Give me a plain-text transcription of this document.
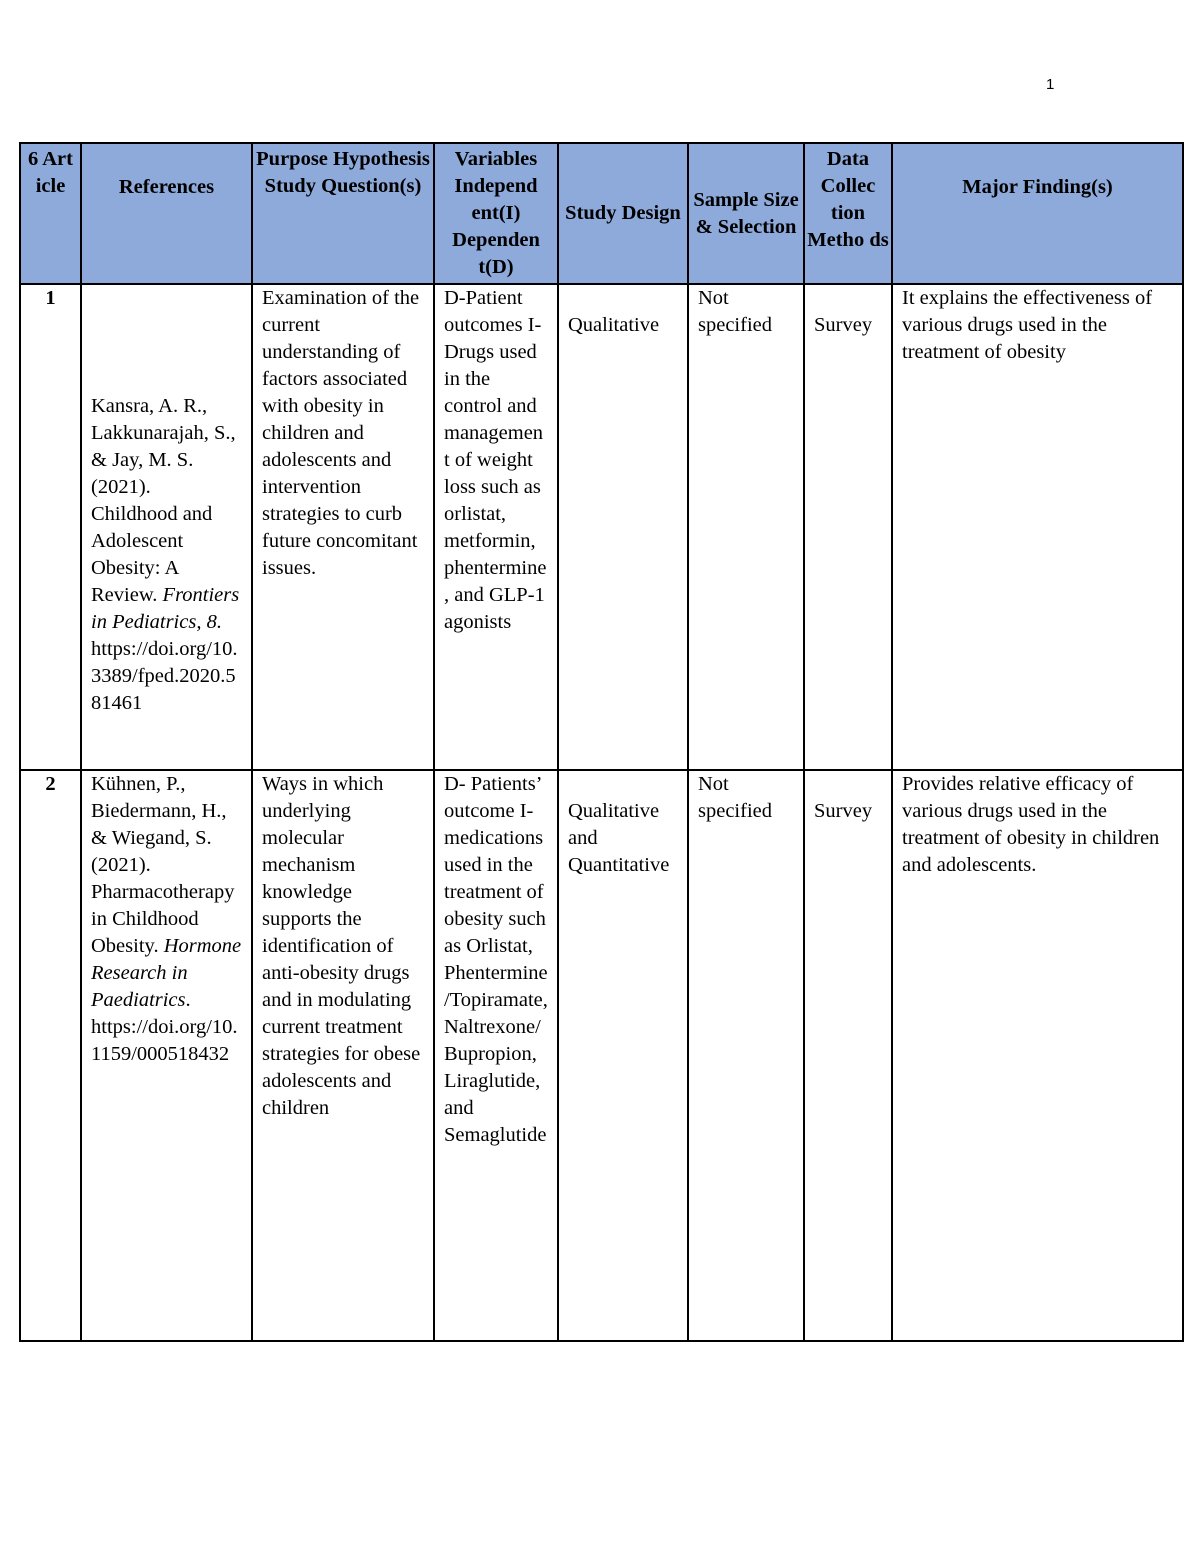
1
6 Art icle	References	Purpose Hypothesis Study Question(s)	Variables Independ ent(I) Dependen t(D)	Study Design	Sample Size & Selection	Data Collec tion Metho ds	Major Finding(s)
1	Kansra, A. R., Lakkunarajah, S., & Jay, M. S. (2021). Childhood and Adolescent Obesity: A Review. Frontiers in Pediatrics, 8. https://doi.org/10.3389/fped.2020.581461	Examination of the current understanding of factors associated with obesity in children and adolescents and intervention strategies to curb future concomitant issues.	D-Patient outcomes I- Drugs used in the control and management of weight loss such as orlistat, metformin, phentermine, and GLP-1 agonists	Qualitative	Not specified	Survey	It explains the effectiveness of various drugs used in the treatment of obesity
2	Kühnen, P., Biedermann, H., & Wiegand, S. (2021). Pharmacotherapy in Childhood Obesity. Hormone Research in Paediatrics. https://doi.org/10.1159/000518432	Ways in which underlying molecular mechanism knowledge supports the identification of anti-obesity drugs and in modulating current treatment strategies for obese adolescents and children	D- Patients’ outcome I- medications used in the treatment of obesity such as Orlistat, Phentermine/Topiramate, Naltrexone/Bupropion, Liraglutide, and Semaglutide	Qualitative and Quantitative	Not specified	Survey	Provides relative efficacy of various drugs used in the treatment of obesity in children and adolescents.
